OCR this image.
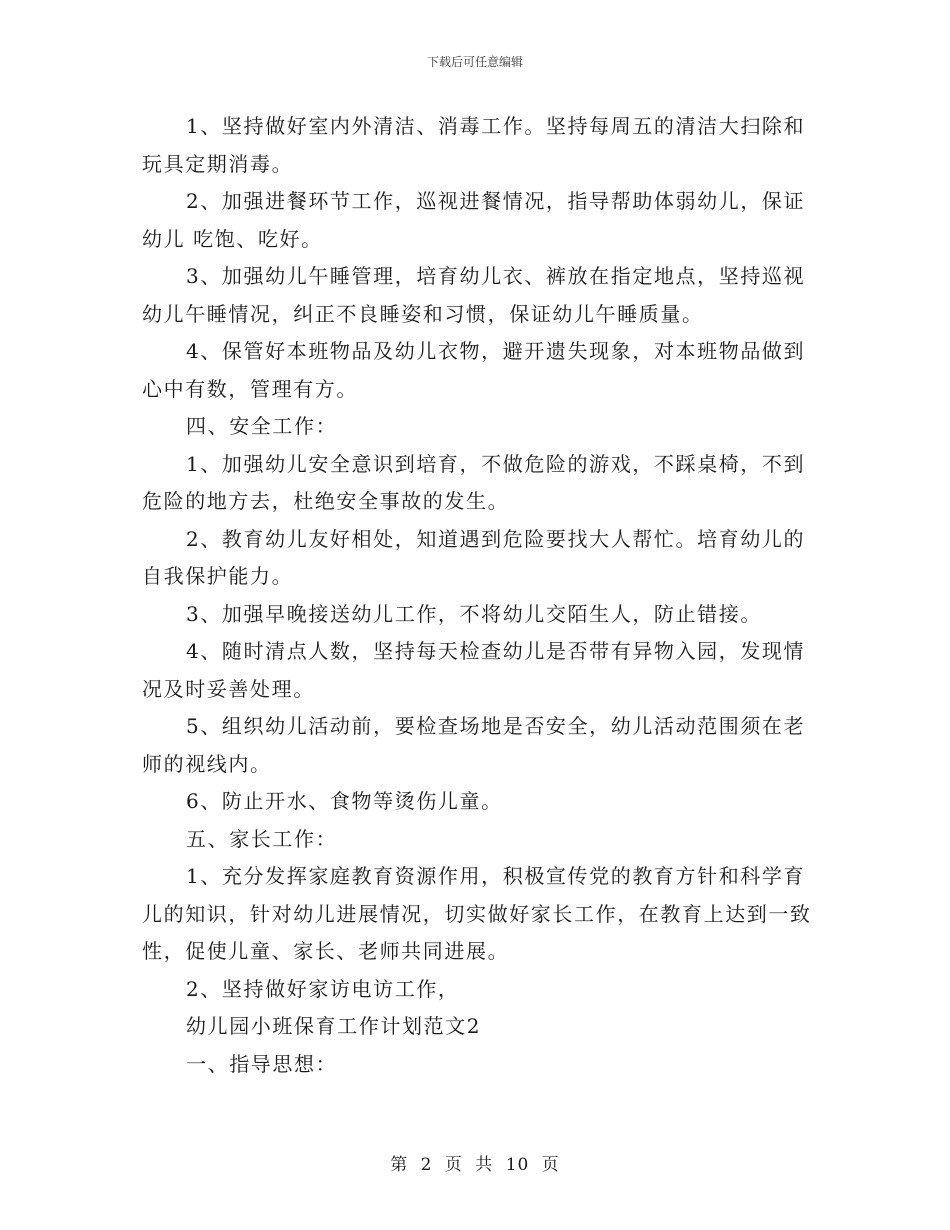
下载后可任意编辑

1、坚持做好室内外清洁、消毒工作。坚持每周五的清洁大扫除和玩具定期消毒。

2、加强进餐环节工作，巡视进餐情况，指导帮助体弱幼儿，保证幼儿 吃饱、吃好。

3、加强幼儿午睡管理，培育幼儿衣、裤放在指定地点，坚持巡视幼儿午睡情况，纠正不良睡姿和习惯，保证幼儿午睡质量。

4、保管好本班物品及幼儿衣物，避开遗失现象，对本班物品做到心中有数，管理有方。

四、安全工作：

1、加强幼儿安全意识到培育，不做危险的游戏，不踩桌椅，不到危险的地方去，杜绝安全事故的发生。

2、教育幼儿友好相处，知道遇到危险要找大人帮忙。培育幼儿的自我保护能力。

3、加强早晚接送幼儿工作，不将幼儿交陌生人，防止错接。

4、随时清点人数，坚持每天检查幼儿是否带有异物入园，发现情况及时妥善处理。

5、组织幼儿活动前，要检查场地是否安全，幼儿活动范围须在老师的视线内。

6、防止开水、食物等烫伤儿童。

五、家长工作：

1、充分发挥家庭教育资源作用，积极宣传党的教育方针和科学育儿的知识，针对幼儿进展情况，切实做好家长工作，在教育上达到一致性，促使儿童、家长、老师共同进展。

2、坚持做好家访电访工作，

幼儿园小班保育工作计划范文2

一、指导思想：

第 2 页 共 10 页
